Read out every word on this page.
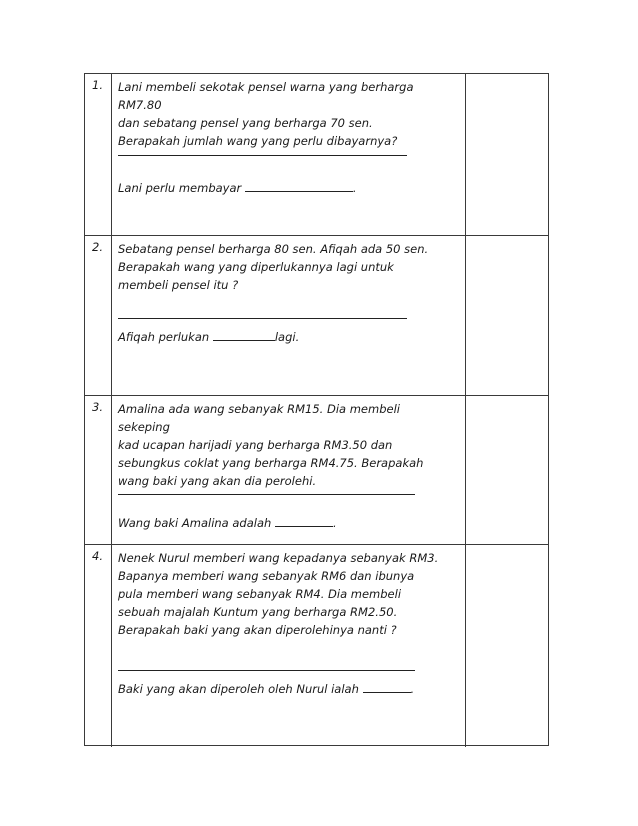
1. Lani membeli sekotak pensel warna yang berharga
RM7.80
dan sebatang pensel yang berharga 70 sen.
Berapakah jumlah wang yang perlu dibayarnya?
Lani perlu membayar	.
2. Sebatang pensel berharga 80 sen. Afiqah ada 50 sen.
Berapakah wang yang diperlukannya lagi untuk
membeli pensel itu ?
Afiqah perlukan	lagi.
3. Amalina ada wang sebanyak RM15. Dia membeli
sekeping
kad ucapan harijadi yang berharga RM3.50 dan
sebungkus coklat yang berharga RM4.75. Berapakah
wang baki yang akan dia perolehi.
Wang baki Amalina adalah	.
4. Nenek Nurul memberi wang kepadanya sebanyak RM3.
Bapanya memberi wang sebanyak RM6 dan ibunya
pula memberi wang sebanyak RM4. Dia membeli
sebuah majalah Kuntum yang berharga RM2.50.
Berapakah baki yang akan diperolehinya nanti ?
Baki yang akan diperoleh oleh Nurul ialah	.
